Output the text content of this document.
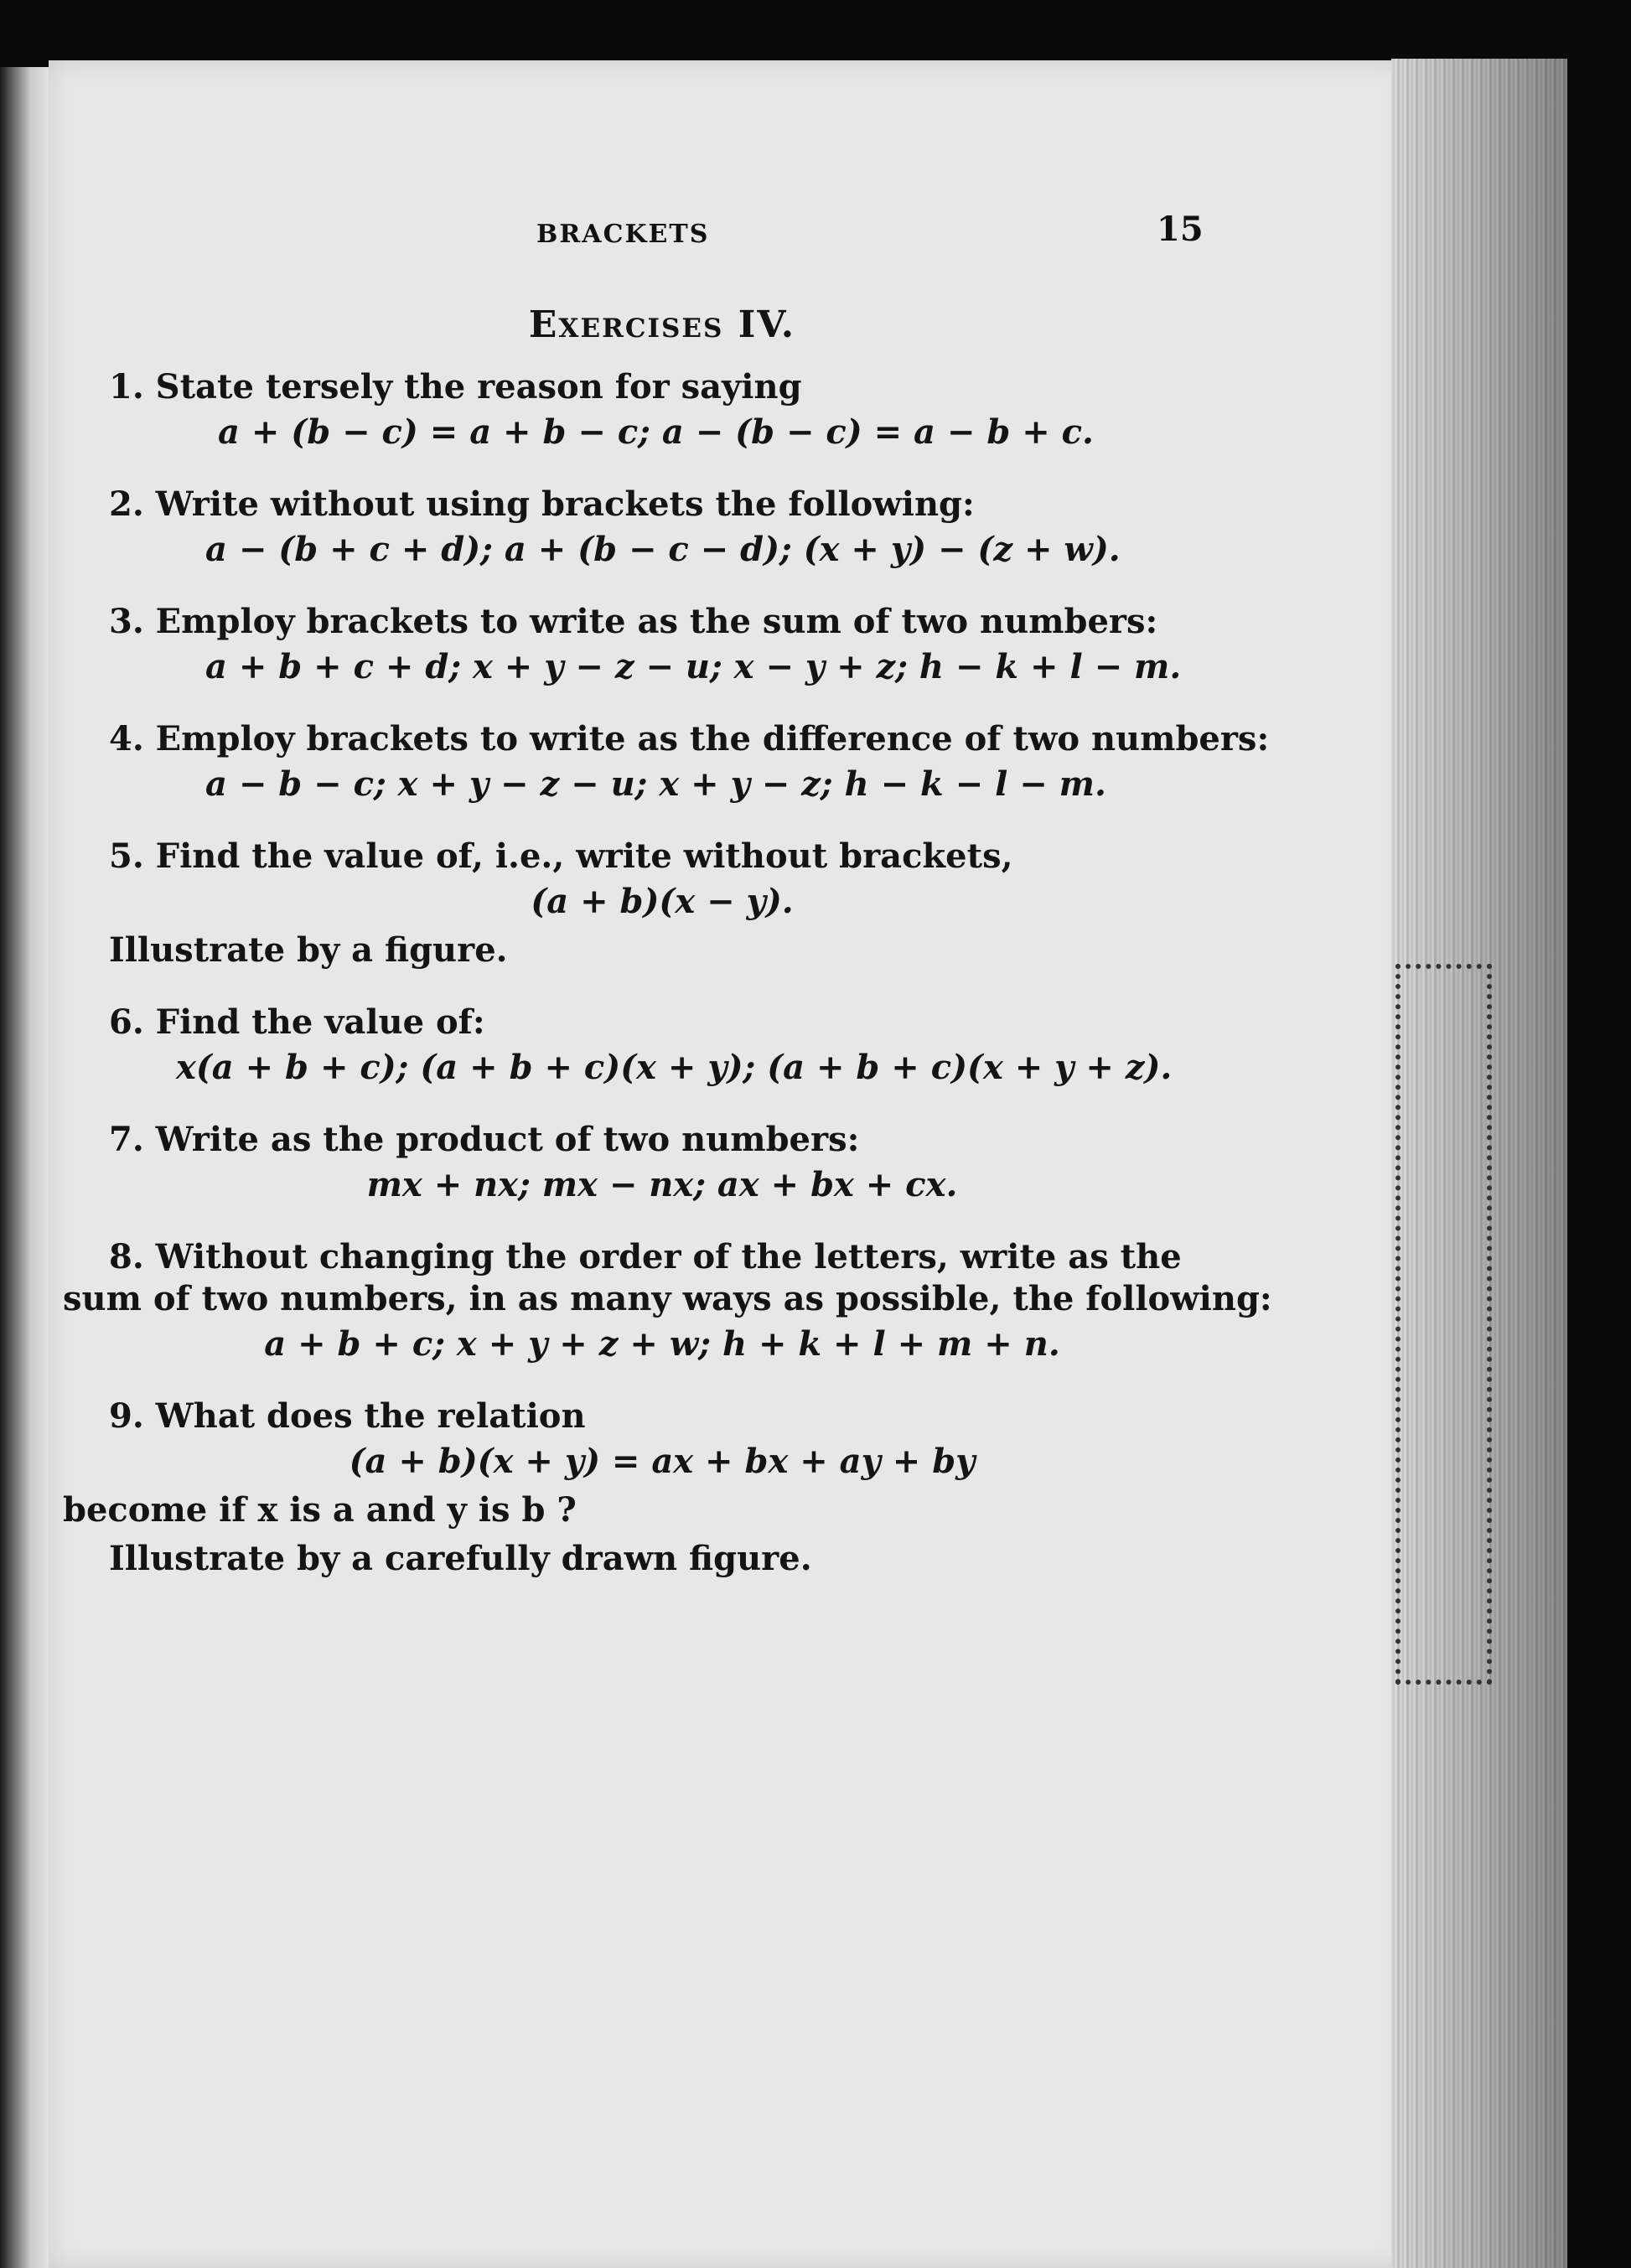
BRACKETS	15
Exercises IV.
1. State tersely the reason for saying
a + (b − c) = a + b − c; a − (b − c) = a − b + c.
2. Write without using brackets the following:
a − (b + c + d); a + (b − c − d); (x + y) − (z + w).
3. Employ brackets to write as the sum of two numbers:
a + b + c + d; x + y − z − u; x − y + z; h − k + l − m.
4. Employ brackets to write as the difference of two numbers:
a − b − c; x + y − z − u; x + y − z; h − k − l − m.
5. Find the value of, i.e., write without brackets,
(a + b)(x − y).
Illustrate by a figure.
6. Find the value of:
x(a + b + c); (a + b + c)(x + y); (a + b + c)(x + y + z).
7. Write as the product of two numbers:
mx + nx; mx − nx; ax + bx + cx.
8. Without changing the order of the letters, write as the
sum of two numbers, in as many ways as possible, the following:
a + b + c; x + y + z + w; h + k + l + m + n.
9. What does the relation
(a + b)(x + y) = ax + bx + ay + by
become if x is a and y is b ?
Illustrate by a carefully drawn figure.
